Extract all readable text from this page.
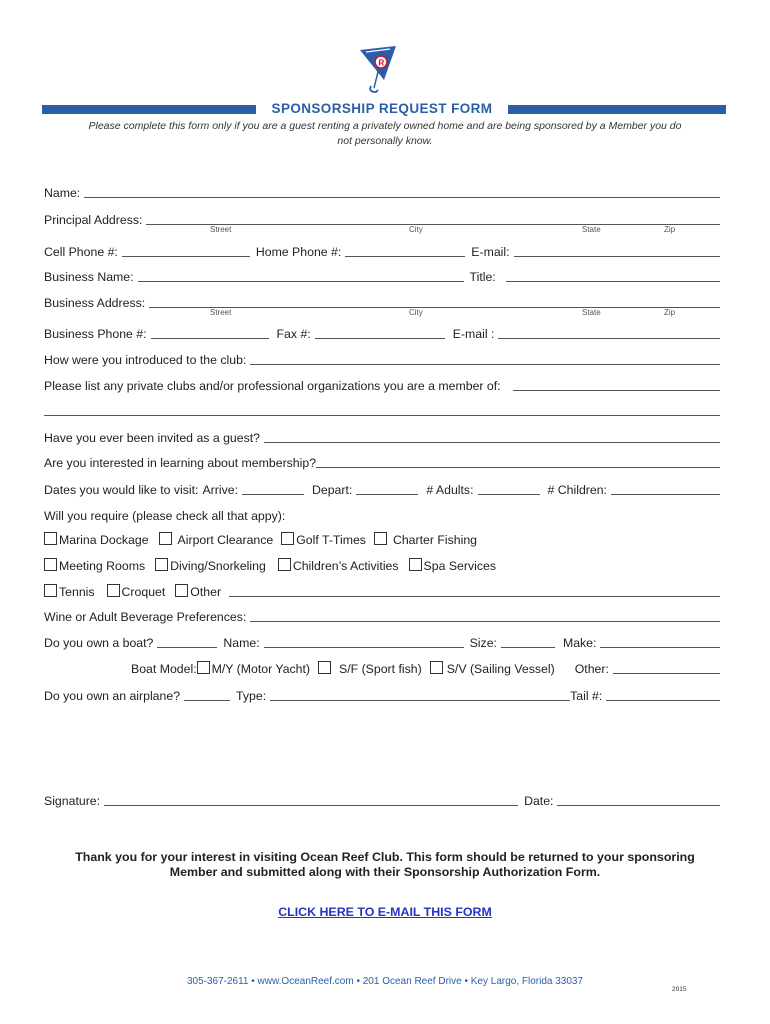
R
SPONSORSHIP REQUEST FORM
Please complete this form only if you are a guest renting a privately owned home and are being sponsored by a Member you do not personally know.
Name:
Principal Address:
Street	City	State	Zip
Cell Phone #:	Home Phone #:	E-mail:
Business Name:	Title:
Business Address:
Street	City	State	Zip
Business Phone #:	Fax #:	E-mail :
How were you introduced to the club:
Please list any private clubs and/or professional organizations you are a member of:
Have you ever been invited as a guest?
Are you interested in learning about membership?
Dates you would like to visit: Arrive:	Depart:	# Adults:	# Children:
Will you require (please check all that appy):
Marina Dockage Airport Clearance Golf T-Times Charter Fishing
Meeting Rooms Diving/Snorkeling Children’s Activities Spa Services
Tennis Croquet Other
Wine or Adult Beverage Preferences:
Do you own a boat?	Name:	Size:	Make:
Boat Model: M/Y (Motor Yacht) S/F (Sport fish) S/V (Sailing Vessel)	Other:
Do you own an airplane?	Type:	Tail #:
Signature:	Date:
Thank you for your interest in visiting Ocean Reef Club. This form should be returned to your sponsoring Member and submitted along with their Sponsorship Authorization Form.
CLICK HERE TO E-MAIL THIS FORM
305-367-2611 • www.OceanReef.com • 201 Ocean Reef Drive • Key Largo, Florida 33037
2015
